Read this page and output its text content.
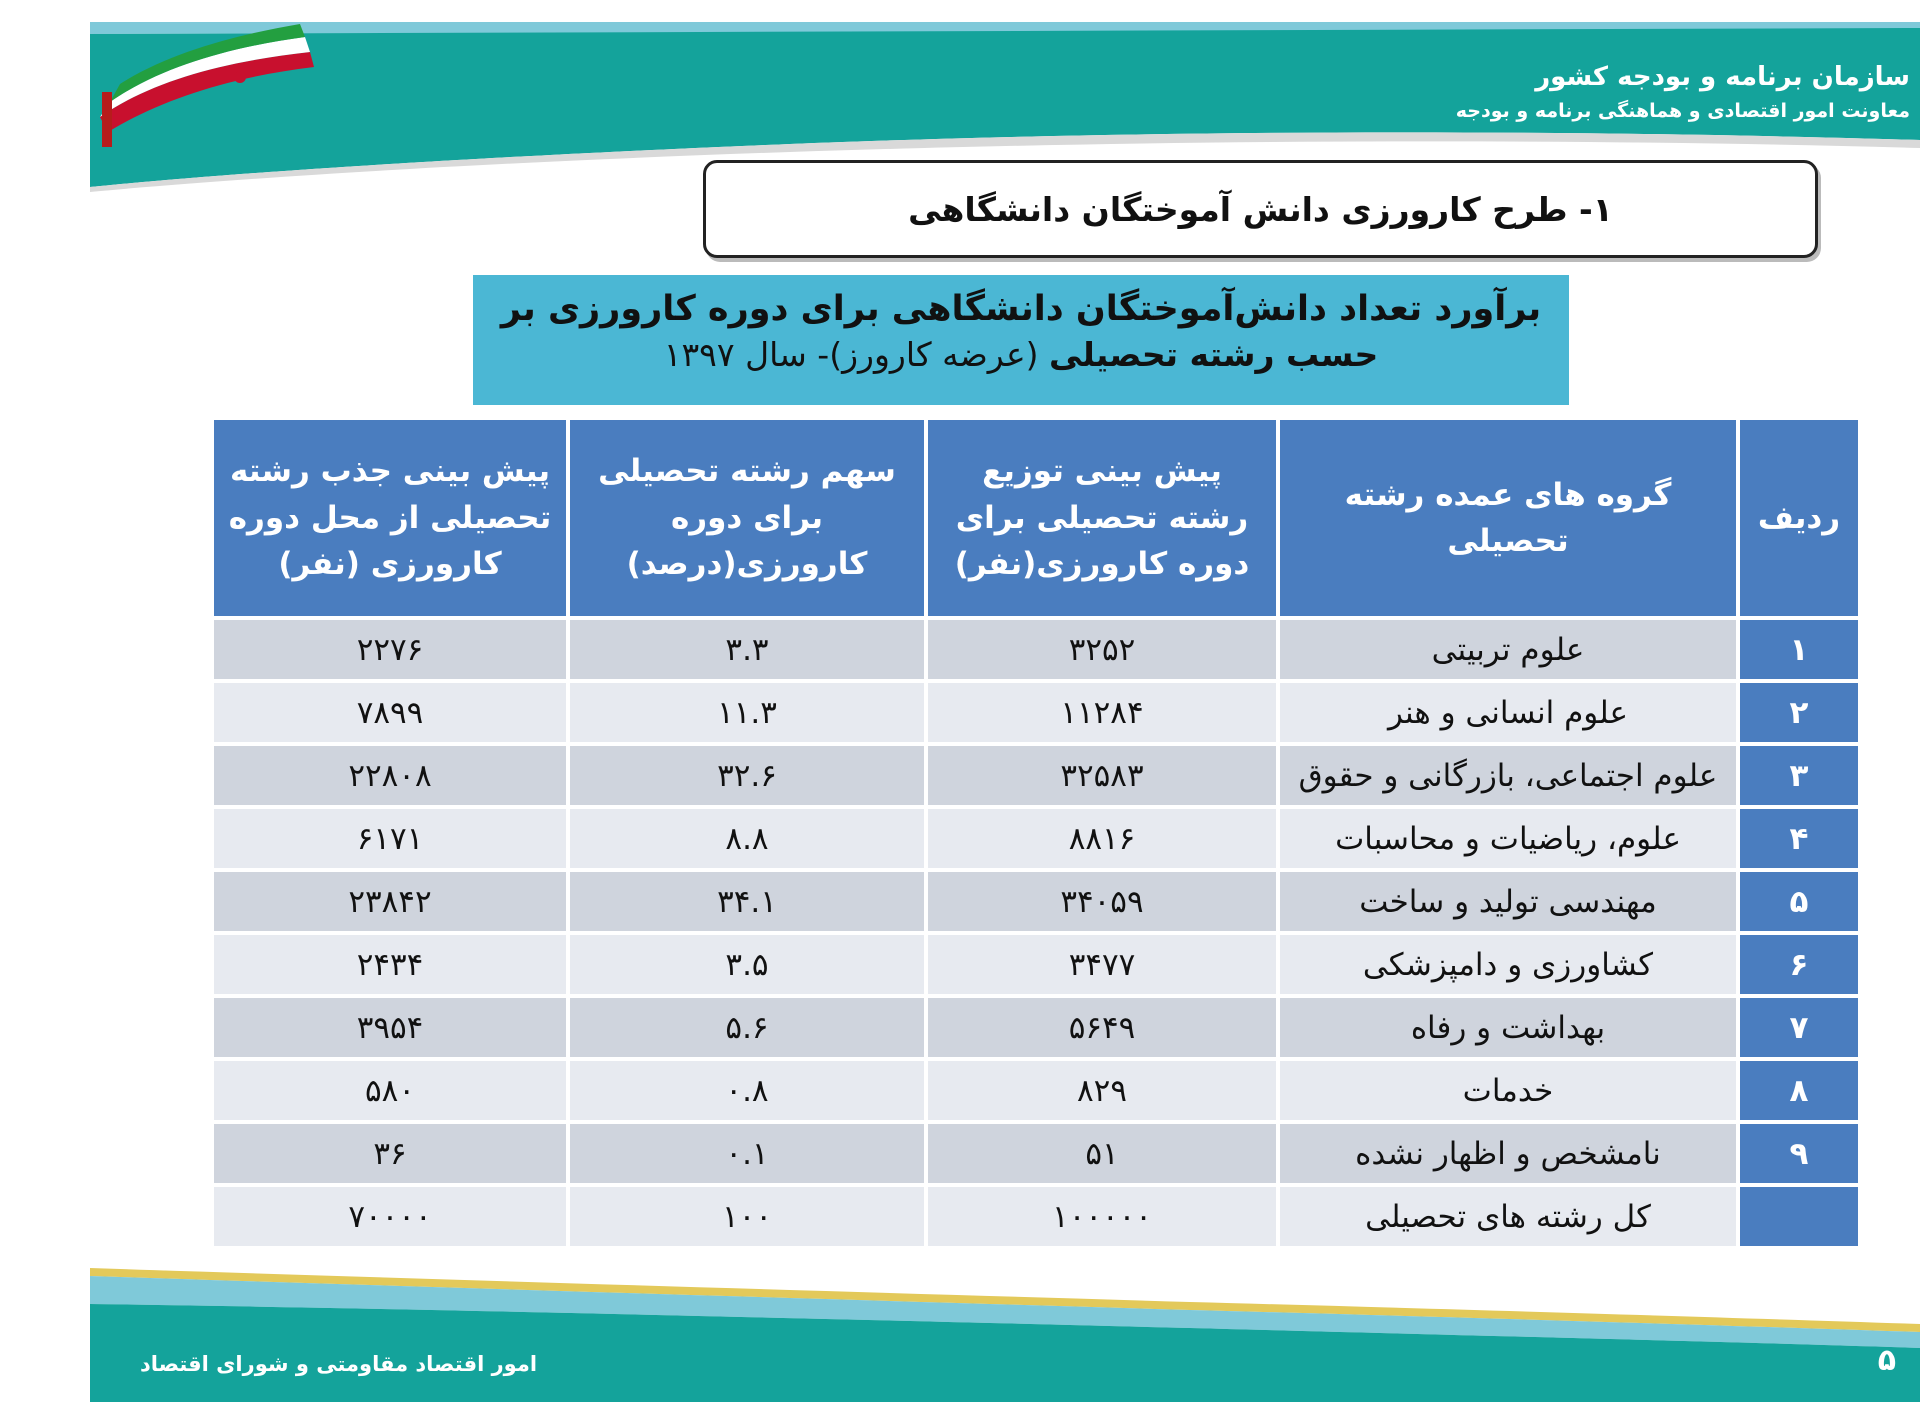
سازمان برنامه و بودجه کشور

معاونت امور اقتصادی و هماهنگی برنامه و بودجه

۱- طرح کارورزی دانش آموختگان دانشگاهی

برآورد تعداد دانش‌آموختگان دانشگاهی برای دوره کارورزی بر

حسب رشته تحصیلی (عرضه کارورز)- سال ۱۳۹۷

ردیف	گروه های عمده رشته تحصیلی	پیش بینی توزیع رشته تحصیلی برای دوره کارورزی(نفر)	سهم رشته تحصیلی برای دوره کارورزی(درصد)	پیش بینی جذب رشته تحصیلی از محل دوره کارورزی (نفر)
۱	علوم تربیتی	۳۲۵۲	۳.۳	۲۲۷۶
۲	علوم انسانی و هنر	۱۱۲۸۴	۱۱.۳	۷۸۹۹
۳	علوم اجتماعی، بازرگانی و حقوق	۳۲۵۸۳	۳۲.۶	۲۲۸۰۸
۴	علوم، ریاضیات و محاسبات	۸۸۱۶	۸.۸	۶۱۷۱
۵	مهندسی تولید و ساخت	۳۴۰۵۹	۳۴.۱	۲۳۸۴۲
۶	کشاورزی و دامپزشکی	۳۴۷۷	۳.۵	۲۴۳۴
۷	بهداشت و رفاه	۵۶۴۹	۵.۶	۳۹۵۴
۸	خدمات	۸۲۹	۰.۸	۵۸۰
۹	نامشخص و اظهار نشده	۵۱	۰.۱	۳۶
	کل رشته های تحصیلی	۱۰۰۰۰۰	۱۰۰	۷۰۰۰۰
امور اقتصاد مقاومتی و شورای اقتصاد	۵
